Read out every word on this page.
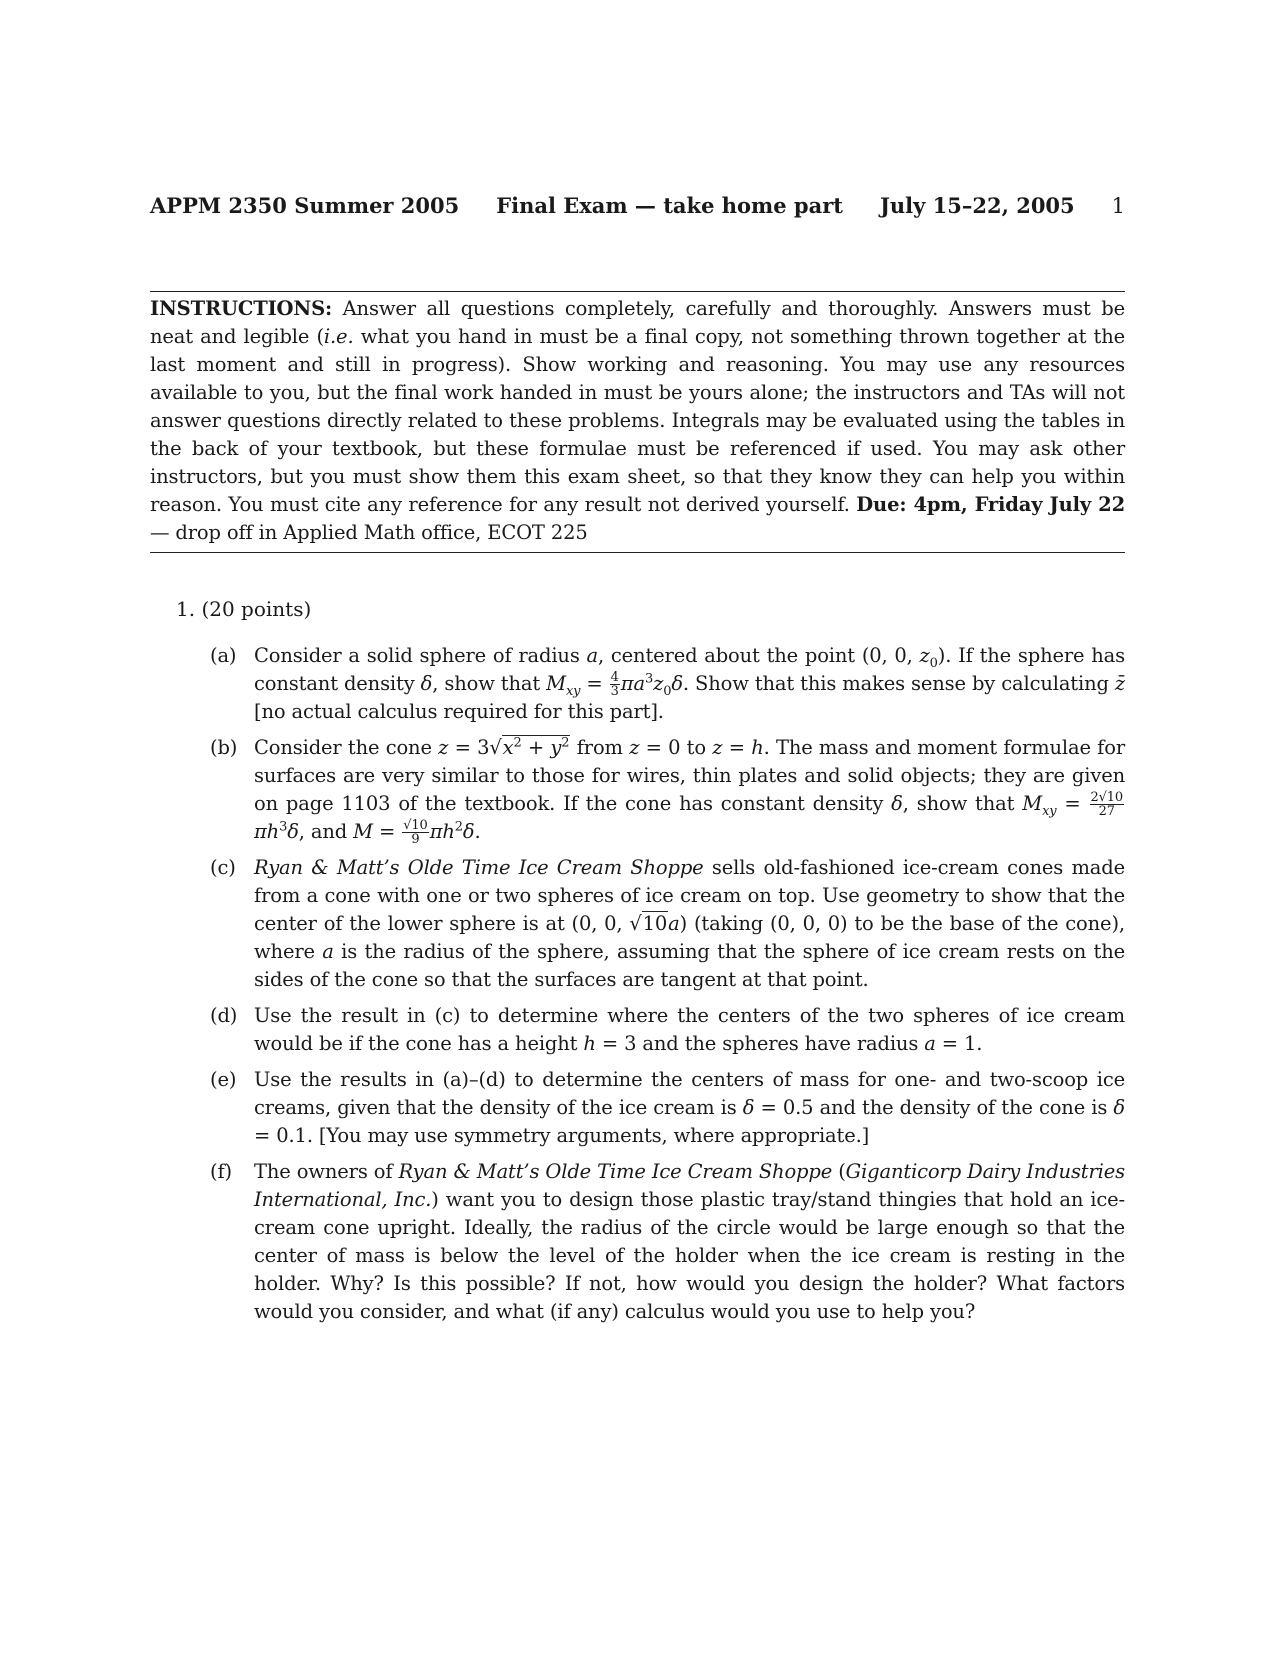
APPM 2350 Summer 2005 Final Exam — take home part July 15–22, 2005 1
INSTRUCTIONS: Answer all questions completely, carefully and thoroughly. Answers must be neat and legible (i.e. what you hand in must be a final copy, not something thrown together at the last moment and still in progress). Show working and reasoning. You may use any resources available to you, but the final work handed in must be yours alone; the instructors and TAs will not answer questions directly related to these problems. Integrals may be evaluated using the tables in the back of your textbook, but these formulae must be referenced if used. You may ask other instructors, but you must show them this exam sheet, so that they know they can help you within reason. You must cite any reference for any result not derived yourself. Due: 4pm, Friday July 22 — drop off in Applied Math office, ECOT 225
1. (20 points)
(a) Consider a solid sphere of radius a, centered about the point (0, 0, $z_0$). If the sphere has constant density δ, show that $M_{xy} = \frac{4}{3} \pi a^3z_0\delta$. Show that this makes sense by calculating z̄ [no actual calculus required for this part].
(b) Consider the cone $z = 3√x^2 + y^2$ from z = 0 to z = h. The mass and moment formulae for surfaces are very similar to those for wires, thin plates and solid objects; they are given on page 1103 of the textbook. If the cone has constant density δ, show that $M_{xy} = \frac{2√10}{27}$
$\pi h^3\delta$, and $M = \frac{√10}{9} \pi h^2\delta$.
(c) Ryan & Matt’s Olde Time Ice Cream Shoppe sells old-fashioned ice-cream cones made from a cone with one or two spheres of ice cream on top. Use geometry to show that the center of the lower sphere is at (0, 0, √10a) (taking (0, 0, 0) to be the base of the cone), where a is the radius of the sphere, assuming that the sphere of ice cream rests on the sides of the cone so that the surfaces are tangent at that point.
(d) Use the result in (c) to determine where the centers of the two spheres of ice cream would be if the cone has a height h = 3 and the spheres have radius a = 1.
(e) Use the results in (a)–(d) to determine the centers of mass for one- and two-scoop ice creams, given that the density of the ice cream is δ = 0.5 and the density of the cone is δ = 0.1. [You may use symmetry arguments, where appropriate.]
(f)	The owners of Ryan & Matt’s Olde Time Ice Cream Shoppe (Giganticorp Dairy Industries International, Inc.) want you to design those plastic tray/stand thingies that hold an ice-cream cone upright. Ideally, the radius of the circle would be large enough so that the center of mass is below the level of the holder when the ice cream is resting in the holder. Why? Is this possible? If not, how would you design the holder? What factors would you consider, and what (if any) calculus would you use to help you?
